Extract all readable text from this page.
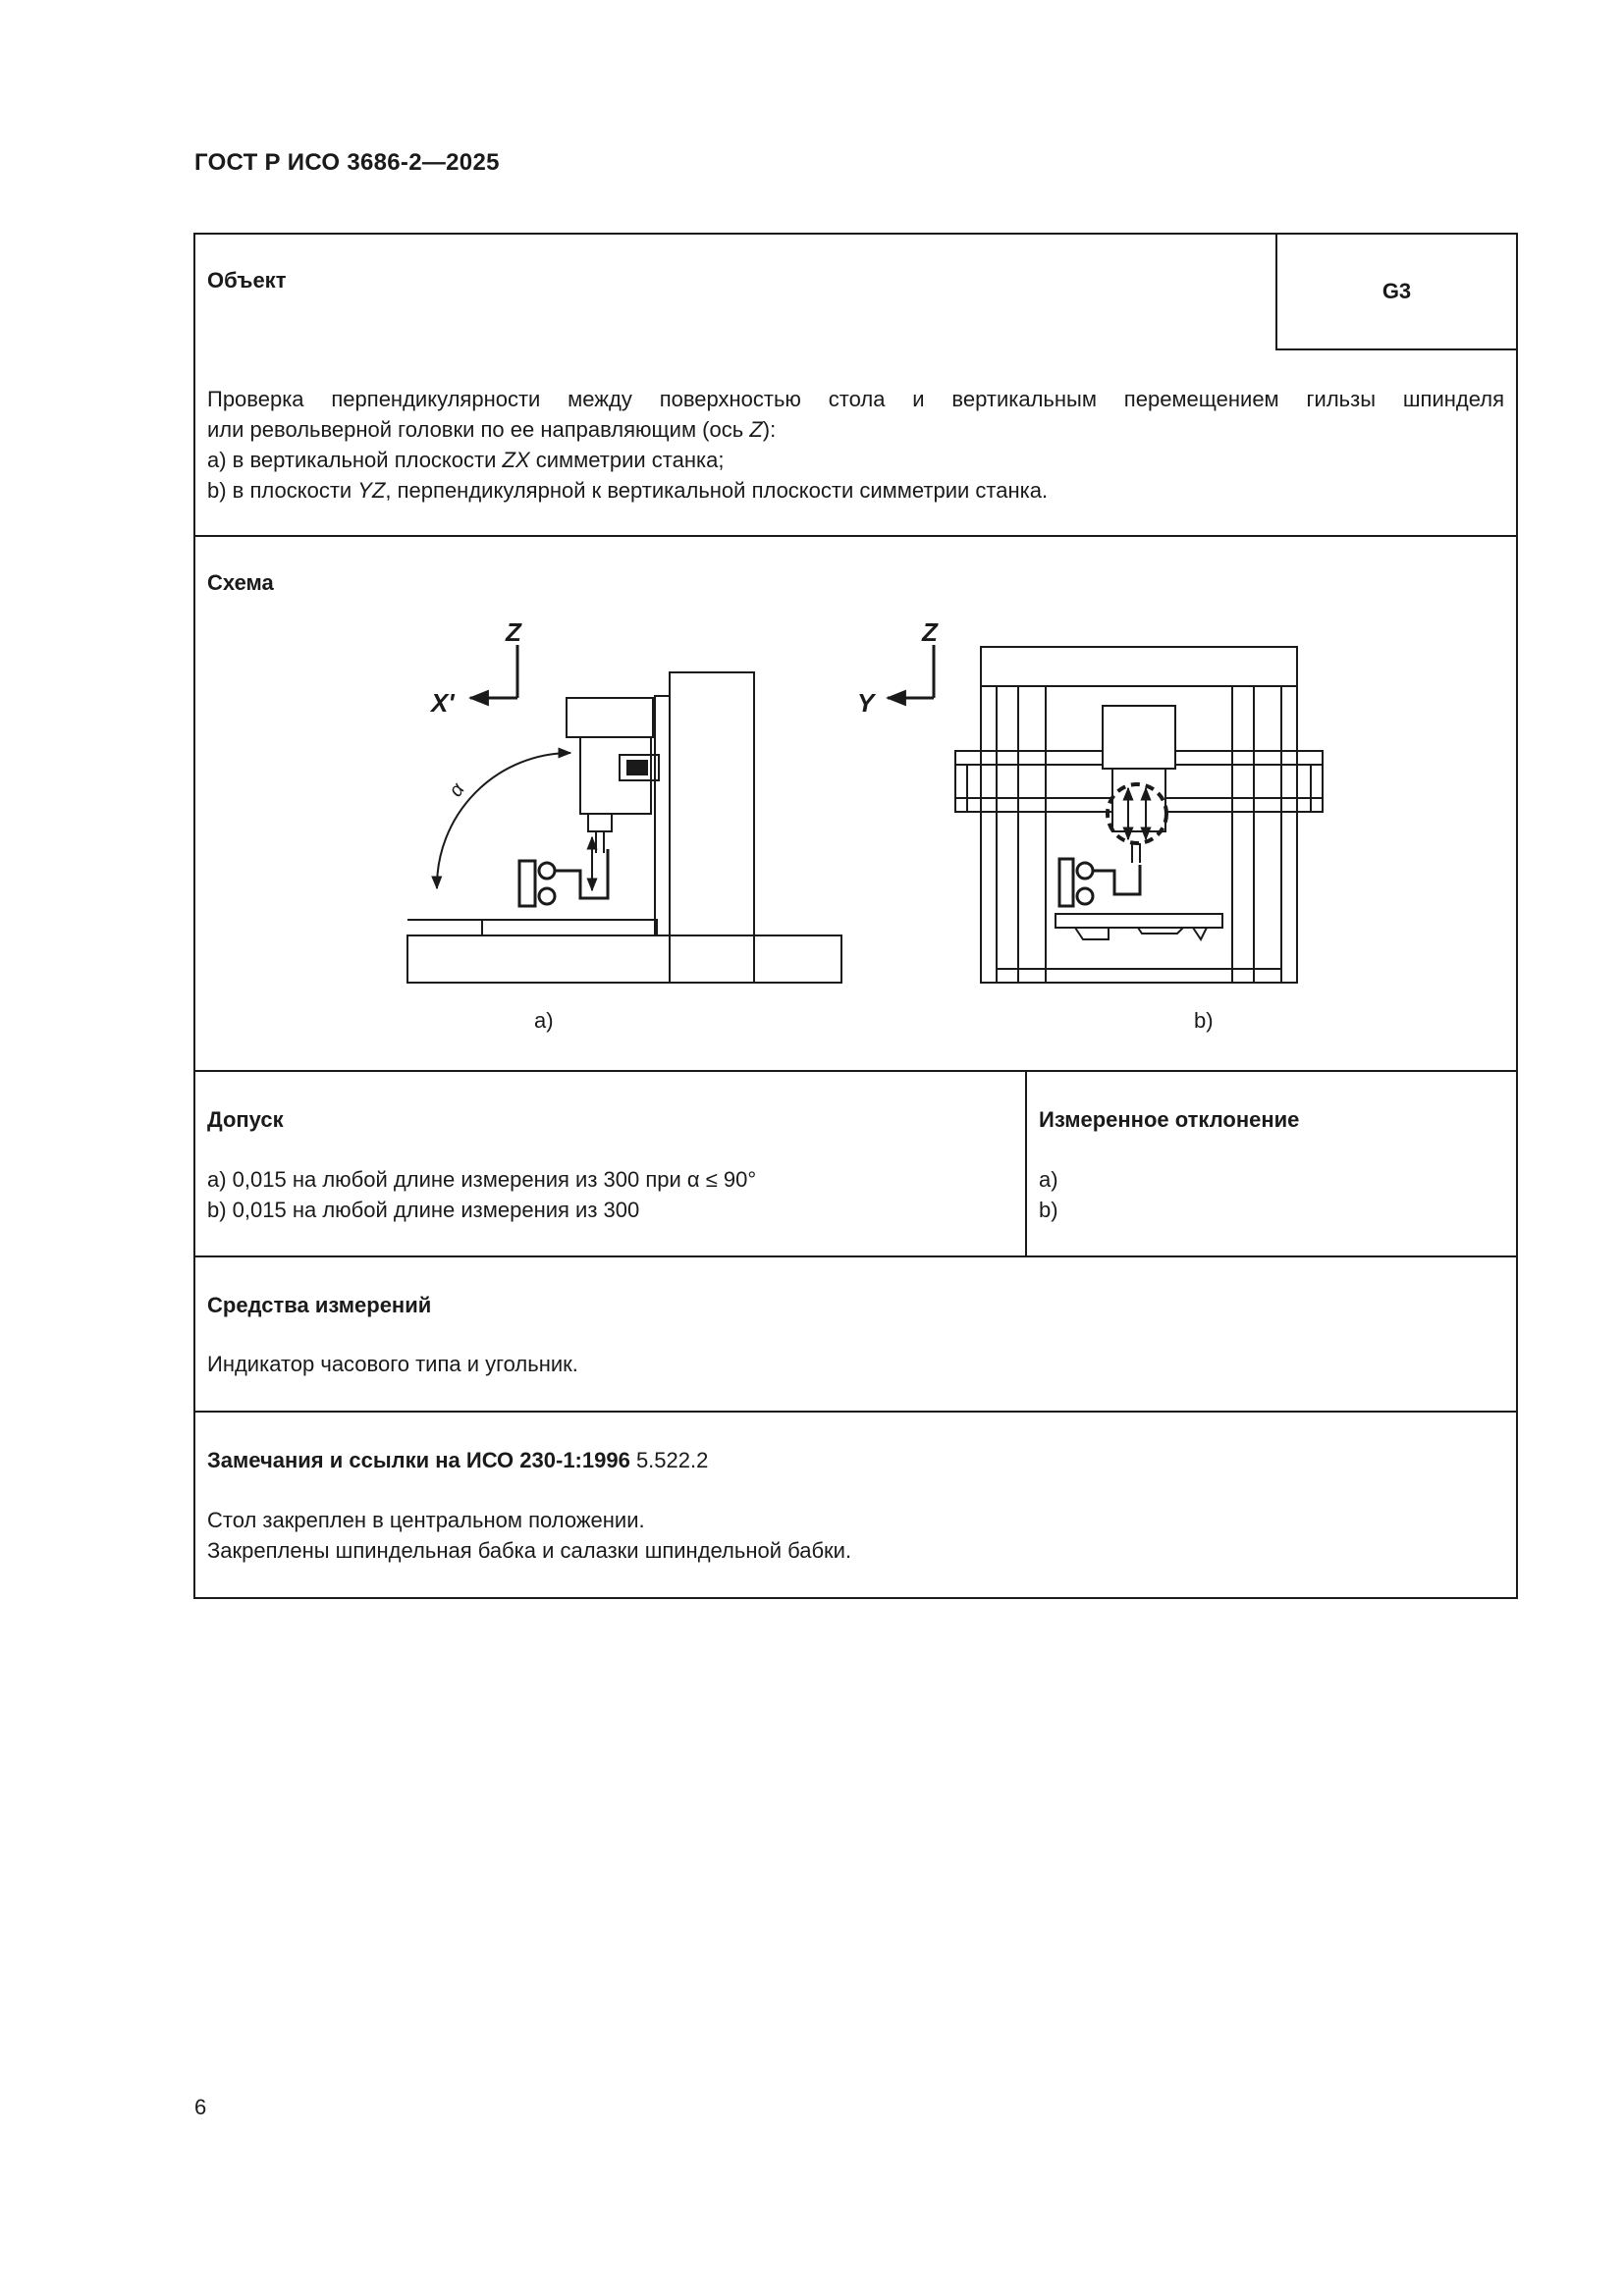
ГОСТ Р ИСО 3686-2—2025
Объект	G3
Проверка перпендикулярности между поверхностью стола и вертикальным перемещением гильзы шпинделя
или револьверной головки по ее направляющим (ось Z):
a) в вертикальной плоскости ZX симметрии станка;
b) в плоскости YZ, перпендикулярной к вертикальной плоскости симметрии станка.
Схема
Z
X'
α
a)
Z
Y
b)
Допуск
a) 0,015 на любой длине измерения из 300 при α ≤ 90°
b) 0,015 на любой длине измерения из 300
Измеренное отклонение
a)
b)
Средства измерений
Индикатор часового типа и угольник.
Замечания и ссылки на ИСО 230-1:1996 5.522.2
Стол закреплен в центральном положении.
Закреплены шпиндельная бабка и салазки шпиндельной бабки.
6
